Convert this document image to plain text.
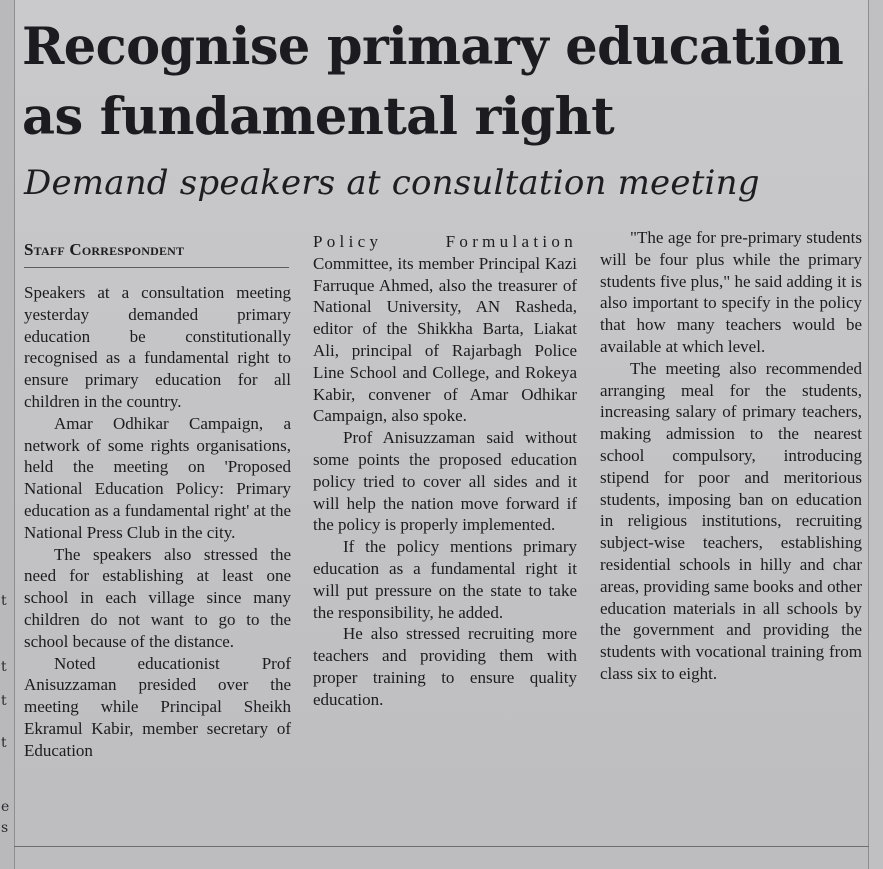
t
t
t
t
e
s
Recognise primary education as fundamental right
Demand speakers at consultation meeting
Staff Correspondent

Speakers at a consultation meeting yesterday demanded primary education be constitutionally recognised as a fundamental right to ensure primary education for all children in the country.

Amar Odhikar Campaign, a network of some rights organisations, held the meeting on 'Proposed National Education Policy: Primary education as a fundamental right' at the National Press Club in the city.

The speakers also stressed the need for establishing at least one school in each village since many children do not want to go to the school because of the distance.

Noted educationist Prof Anisuzzaman presided over the meeting while Principal Sheikh Ekramul Kabir, member secretary of Education

Policy Formulation Committee, its member Principal Kazi Farruque Ahmed, also the treasurer of National University, AN Rasheda, editor of the Shikkha Barta, Liakat Ali, principal of Rajarbagh Police Line School and College, and Rokeya Kabir, convener of Amar Odhikar Campaign, also spoke.

Prof Anisuzzaman said without some points the proposed education policy tried to cover all sides and it will help the nation move forward if the policy is properly implemented.

If the policy mentions primary education as a fundamental right it will put pressure on the state to take the responsibility, he added.

He also stressed recruiting more teachers and providing them with proper training to ensure quality education.

"The age for pre-primary students will be four plus while the primary students five plus," he said adding it is also important to specify in the policy that how many teachers would be available at which level.

The meeting also recommended arranging meal for the students, increasing salary of primary teachers, making admission to the nearest school compulsory, introducing stipend for poor and meritorious students, imposing ban on education in religious institutions, recruiting subject-wise teachers, establishing residential schools in hilly and char areas, providing same books and other education materials in all schools by the government and providing the students with vocational training from class six to eight.
